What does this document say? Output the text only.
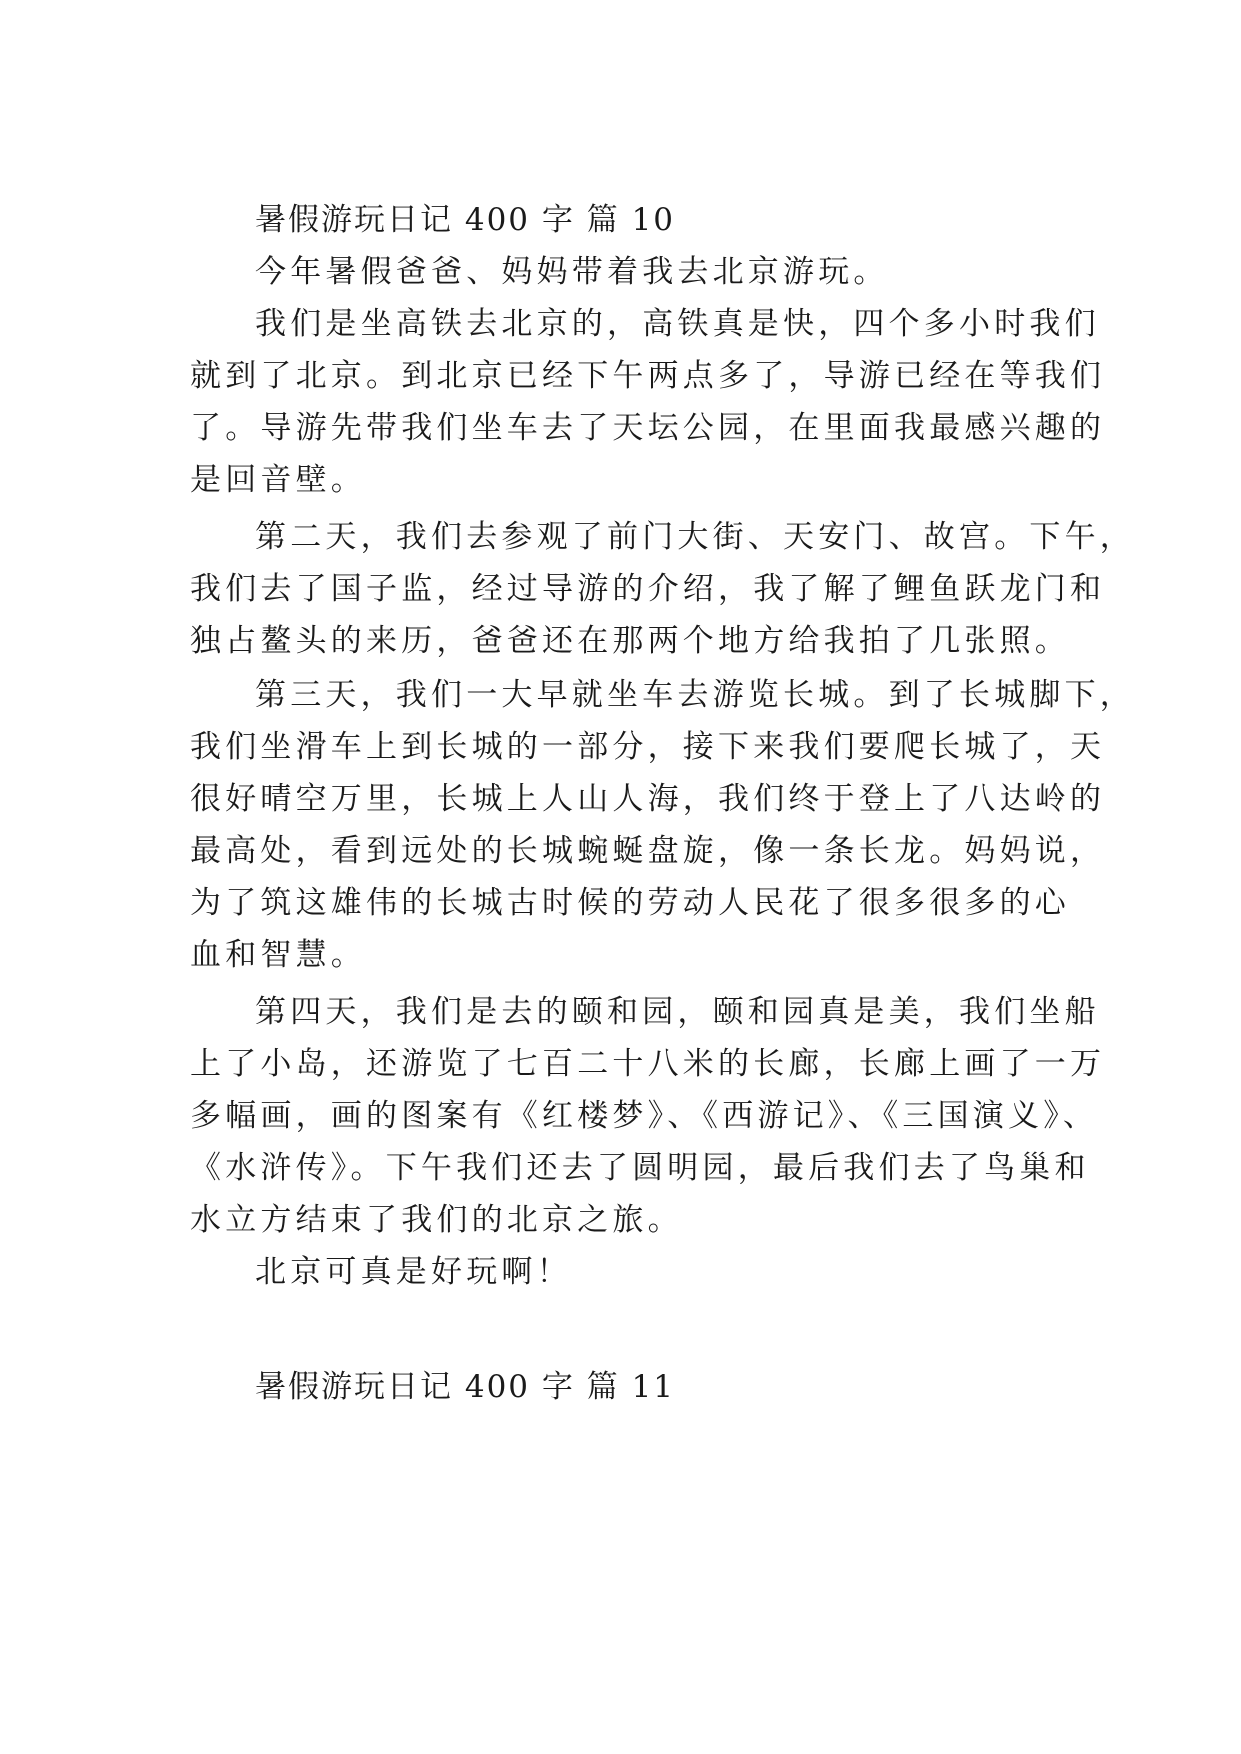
暑假游玩日记 400 字 篇 10

今年暑假爸爸、妈妈带着我去北京游玩。

我们是坐高铁去北京的，高铁真是快，四个多小时我们

就到了北京。到北京已经下午两点多了，导游已经在等我们

了。导游先带我们坐车去了天坛公园，在里面我最感兴趣的

是回音壁。

第二天，我们去参观了前门大街、天安门、故宫。下午，

我们去了国子监，经过导游的介绍，我了解了鲤鱼跃龙门和

独占鳌头的来历，爸爸还在那两个地方给我拍了几张照。

第三天，我们一大早就坐车去游览长城。到了长城脚下，

我们坐滑车上到长城的一部分，接下来我们要爬长城了，天

很好晴空万里，长城上人山人海，我们终于登上了八达岭的

最高处，看到远处的长城蜿蜒盘旋，像一条长龙。妈妈说，

为了筑这雄伟的长城古时候的劳动人民花了很多很多的心

血和智慧。

第四天，我们是去的颐和园，颐和园真是美，我们坐船

上了小岛，还游览了七百二十八米的长廊，长廊上画了一万

多幅画，画的图案有《红楼梦》、《西游记》、《三国演义》、

《水浒传》。下午我们还去了圆明园，最后我们去了鸟巢和

水立方结束了我们的北京之旅。

北京可真是好玩啊！

暑假游玩日记 400 字 篇 11
